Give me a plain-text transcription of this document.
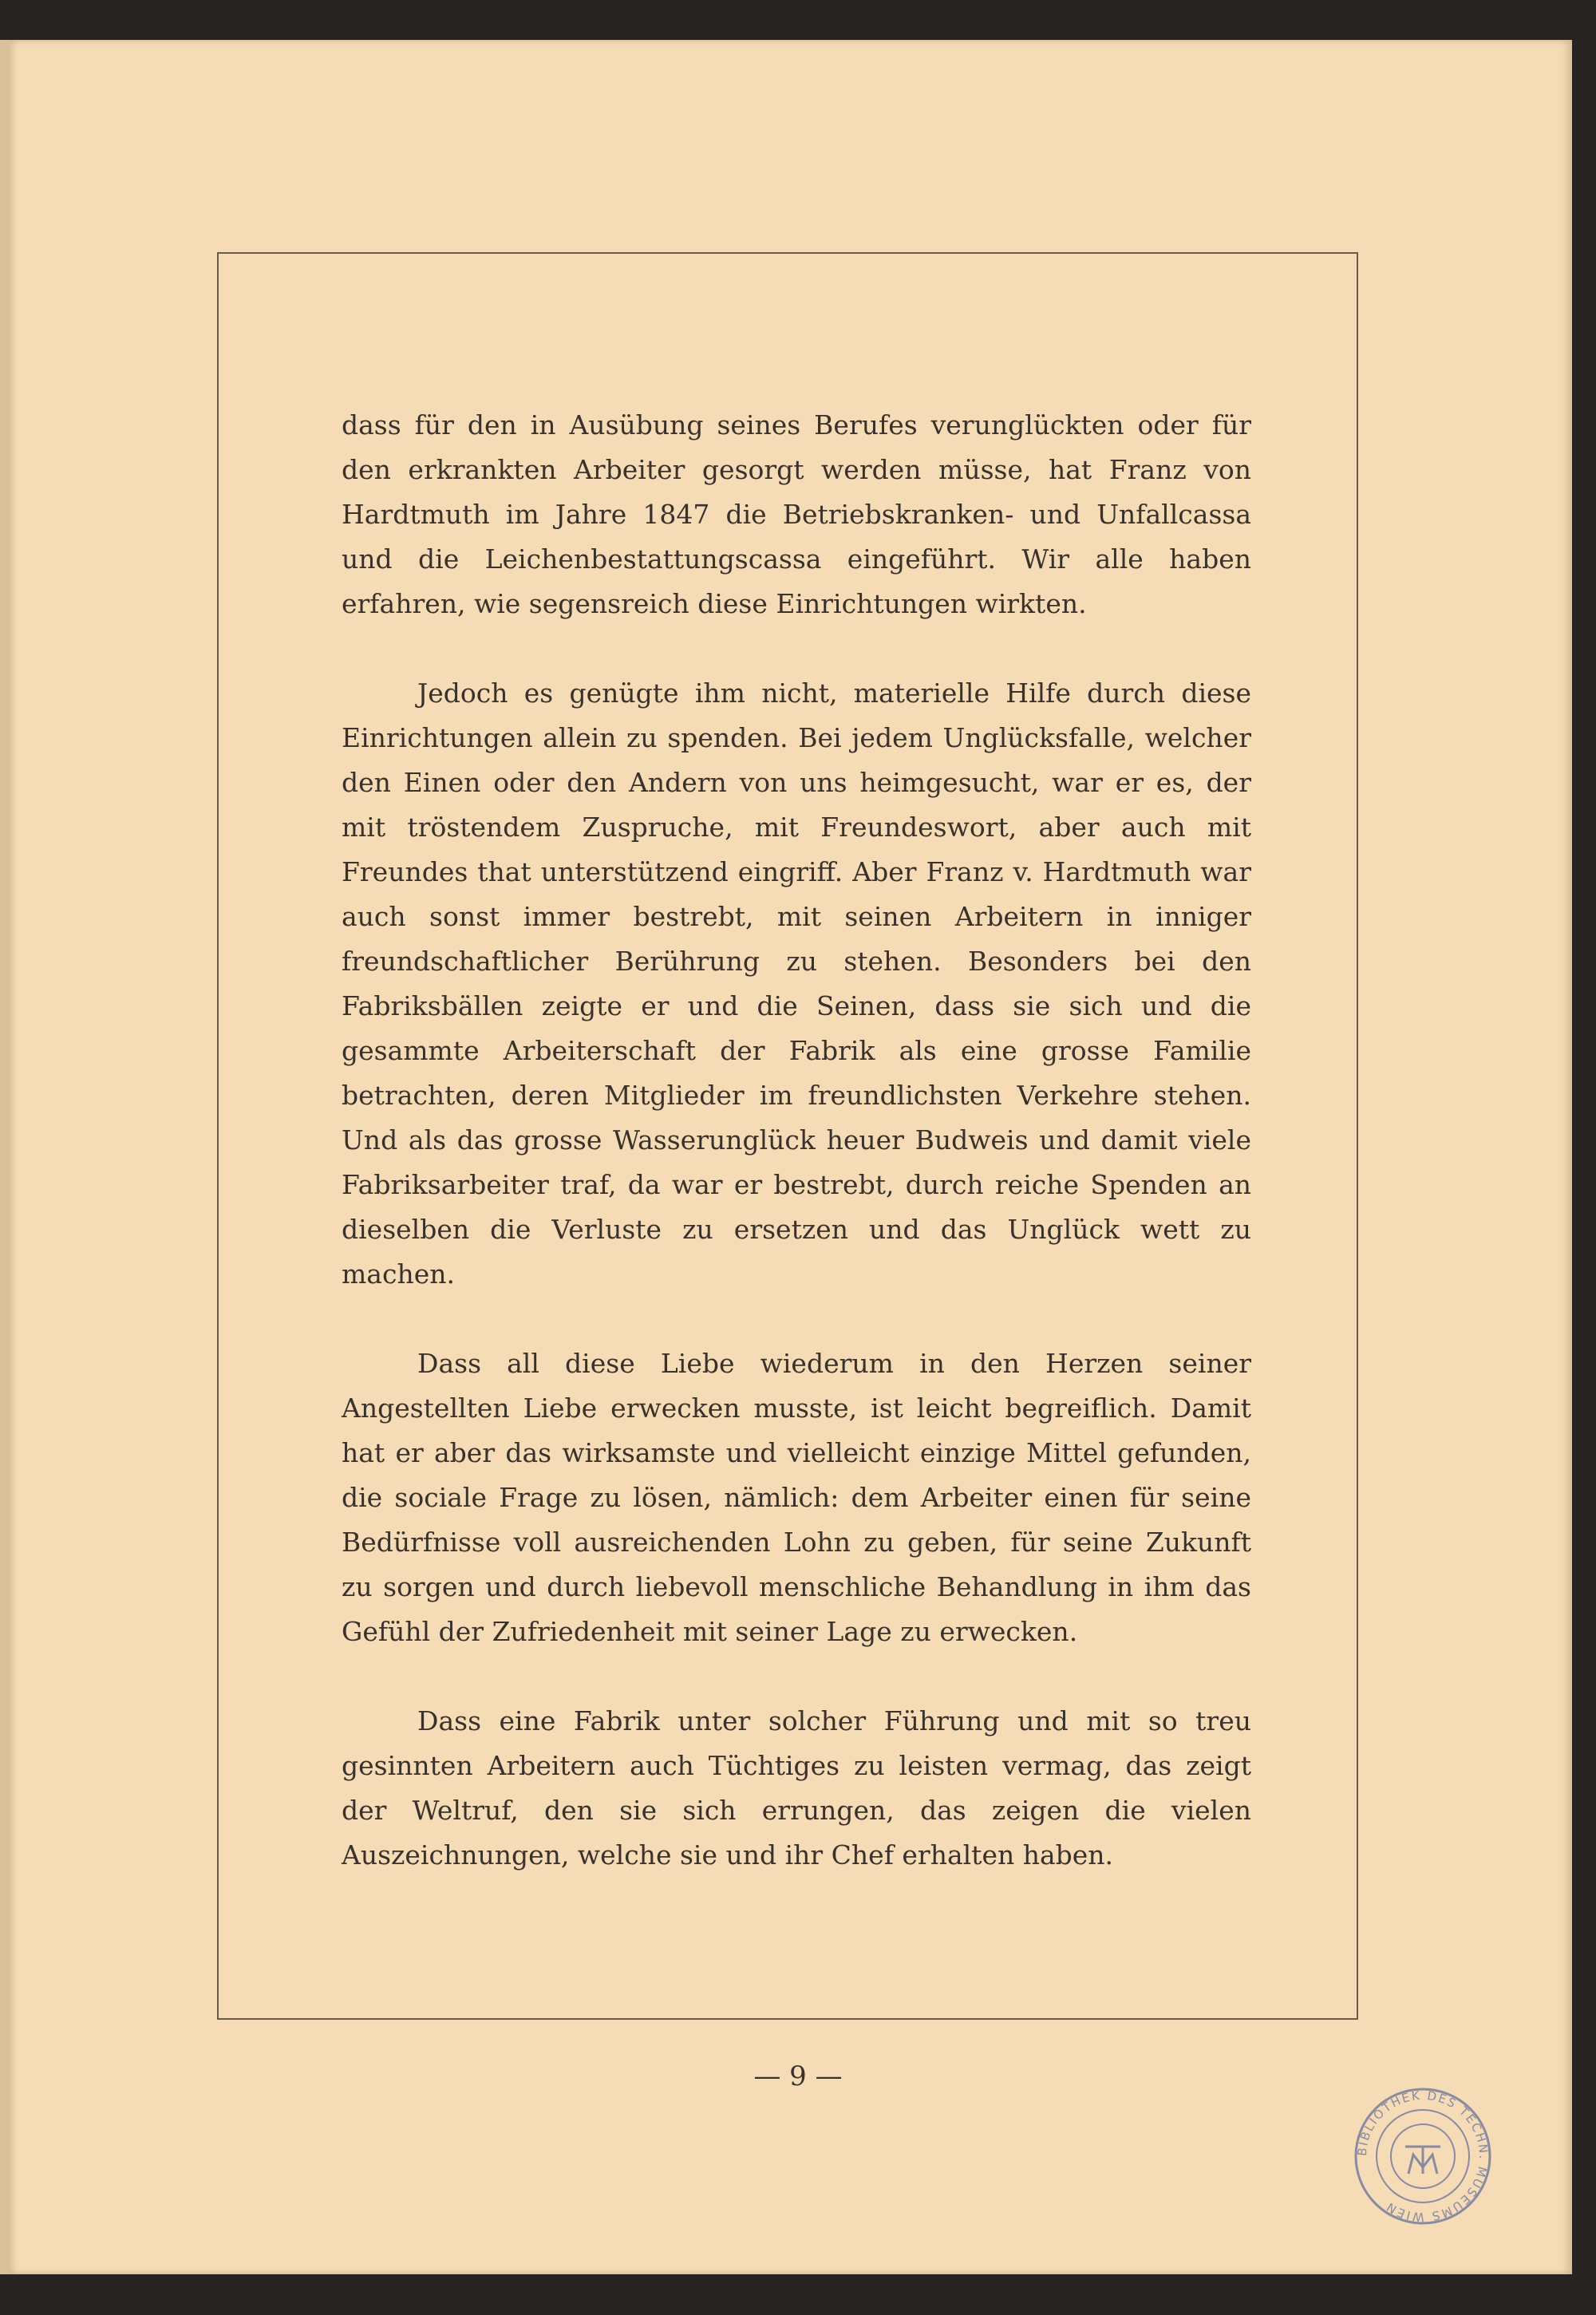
dass für den in Ausübung seines Berufes verunglückten oder für den erkrankten Arbeiter gesorgt werden müsse, hat Franz von Hardtmuth im Jahre 1847 die Betriebskranken- und Unfallcassa und die Leichenbestattungscassa eingeführt. Wir alle haben erfahren, wie segensreich diese Einrichtungen wirkten.

Jedoch es genügte ihm nicht, materielle Hilfe durch diese Einrichtungen allein zu spenden. Bei jedem Unglücksfalle, welcher den Einen oder den Andern von uns heimgesucht, war er es, der mit tröstendem Zuspruche, mit Freundeswort, aber auch mit Freundes that unterstützend eingriff. Aber Franz v. Hardtmuth war auch sonst immer bestrebt, mit seinen Arbeitern in inniger freundschaftlicher Berührung zu stehen. Besonders bei den Fabriksbällen zeigte er und die Seinen, dass sie sich und die gesammte Arbeiterschaft der Fabrik als eine grosse Familie betrachten, deren Mitglieder im freundlichsten Verkehre stehen. Und als das grosse Wasserunglück heuer Budweis und damit viele Fabriksarbeiter traf, da war er bestrebt, durch reiche Spenden an dieselben die Verluste zu ersetzen und das Unglück wett zu machen.

Dass all diese Liebe wiederum in den Herzen seiner Angestellten Liebe erwecken musste, ist leicht begreiflich. Damit hat er aber das wirksamste und vielleicht einzige Mittel gefunden, die sociale Frage zu lösen, nämlich: dem Arbeiter einen für seine Bedürfnisse voll ausreichenden Lohn zu geben, für seine Zukunft zu sorgen und durch liebevoll menschliche Behandlung in ihm das Gefühl der Zufriedenheit mit seiner Lage zu erwecken.

Dass eine Fabrik unter solcher Führung und mit so treu gesinnten Arbeitern auch Tüchtiges zu leisten vermag, das zeigt der Weltruf, den sie sich errungen, das zeigen die vielen Auszeichnungen, welche sie und ihr Chef erhalten haben.

— 9 —
BIBLIOTHEK DES TECHN. MUSEUMS WIEN
